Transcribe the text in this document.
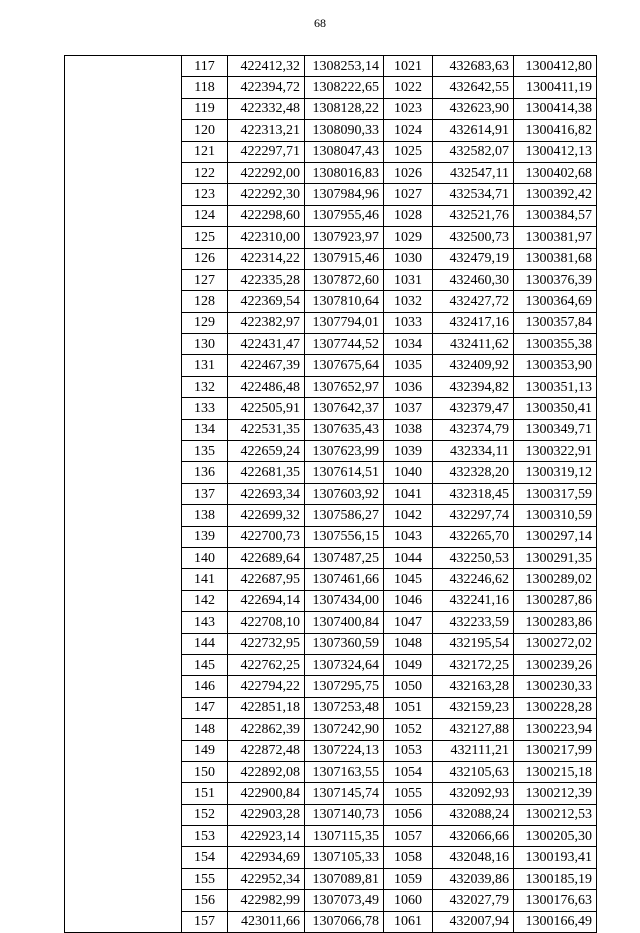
68
	117	422412,32	1308253,14	1021	432683,63	1300412,80
	118	422394,72	1308222,65	1022	432642,55	1300411,19
	119	422332,48	1308128,22	1023	432623,90	1300414,38
	120	422313,21	1308090,33	1024	432614,91	1300416,82
	121	422297,71	1308047,43	1025	432582,07	1300412,13
	122	422292,00	1308016,83	1026	432547,11	1300402,68
	123	422292,30	1307984,96	1027	432534,71	1300392,42
	124	422298,60	1307955,46	1028	432521,76	1300384,57
	125	422310,00	1307923,97	1029	432500,73	1300381,97
	126	422314,22	1307915,46	1030	432479,19	1300381,68
	127	422335,28	1307872,60	1031	432460,30	1300376,39
	128	422369,54	1307810,64	1032	432427,72	1300364,69
	129	422382,97	1307794,01	1033	432417,16	1300357,84
	130	422431,47	1307744,52	1034	432411,62	1300355,38
	131	422467,39	1307675,64	1035	432409,92	1300353,90
	132	422486,48	1307652,97	1036	432394,82	1300351,13
	133	422505,91	1307642,37	1037	432379,47	1300350,41
	134	422531,35	1307635,43	1038	432374,79	1300349,71
	135	422659,24	1307623,99	1039	432334,11	1300322,91
	136	422681,35	1307614,51	1040	432328,20	1300319,12
	137	422693,34	1307603,92	1041	432318,45	1300317,59
	138	422699,32	1307586,27	1042	432297,74	1300310,59
	139	422700,73	1307556,15	1043	432265,70	1300297,14
	140	422689,64	1307487,25	1044	432250,53	1300291,35
	141	422687,95	1307461,66	1045	432246,62	1300289,02
	142	422694,14	1307434,00	1046	432241,16	1300287,86
	143	422708,10	1307400,84	1047	432233,59	1300283,86
	144	422732,95	1307360,59	1048	432195,54	1300272,02
	145	422762,25	1307324,64	1049	432172,25	1300239,26
	146	422794,22	1307295,75	1050	432163,28	1300230,33
	147	422851,18	1307253,48	1051	432159,23	1300228,28
	148	422862,39	1307242,90	1052	432127,88	1300223,94
	149	422872,48	1307224,13	1053	432111,21	1300217,99
	150	422892,08	1307163,55	1054	432105,63	1300215,18
	151	422900,84	1307145,74	1055	432092,93	1300212,39
	152	422903,28	1307140,73	1056	432088,24	1300212,53
	153	422923,14	1307115,35	1057	432066,66	1300205,30
	154	422934,69	1307105,33	1058	432048,16	1300193,41
	155	422952,34	1307089,81	1059	432039,86	1300185,19
	156	422982,99	1307073,49	1060	432027,79	1300176,63
	157	423011,66	1307066,78	1061	432007,94	1300166,49
